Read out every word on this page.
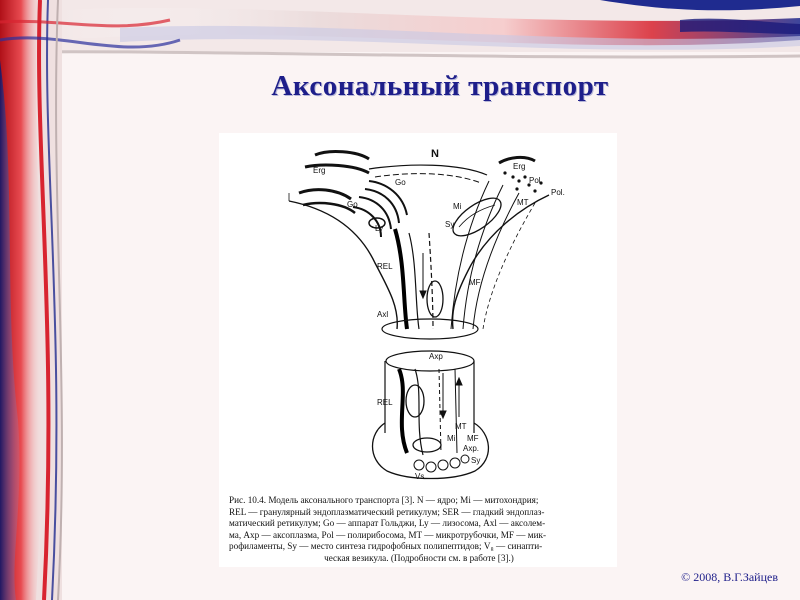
Аксональный транспорт
N
Erg	Erg
Go
Go
Ly
Mi
Sy
Pol
Pol.
MT
REL
MF
Axl
Axp
REL
MT
Mi MF
Axp.
Sy
Vs
Рис. 10.4. Модель аксонального транспорта [3]. N — ядро; Mi — митохондрия;
REL — гранулярный эндоплазматический ретикулум; SER — гладкий эндоплаз-
матический ретикулум; Go — аппарат Гольджи, Ly — лизосома, Axl — аксолем-
ма, Axp — аксоплазма, Pol — полирибосома, MT — микротрубочки, MF — мик-
рофиламенты, Sy — место синтеза гидрофобных полипептидов; V₈ — синапти-
ческая везикула. (Подробности см. в работе [3].)
© 2008, В.Г.Зайцев
